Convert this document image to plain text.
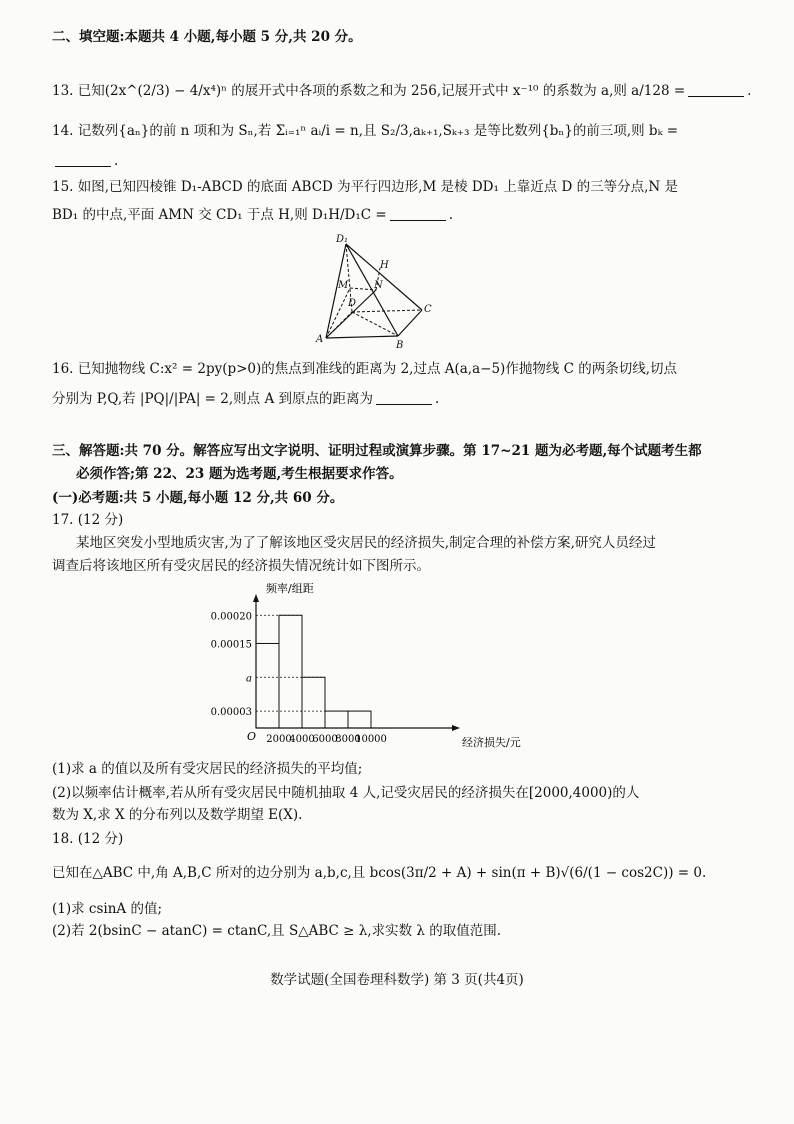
二、填空题:本题共 4 小题,每小题 5 分,共 20 分。
13. 已知(2x^(2/3) − 4/x⁴)ⁿ 的展开式中各项的系数之和为 256,记展开式中 x⁻¹⁰ 的系数为 a,则 a/128 =	.
14. 记数列{aₙ}的前 n 项和为 Sₙ,若 Σᵢ₌₁ⁿ aᵢ/i = n,且 S₂/3,aₖ₊₁,Sₖ₊₃ 是等比数列{bₙ}的前三项,则 bₖ =
.
15. 如图,已知四棱锥 D₁-ABCD 的底面 ABCD 为平行四边形,M 是棱 DD₁ 上靠近点 D 的三等分点,N 是
BD₁ 的中点,平面 AMN 交 CD₁ 于点 H,则 D₁H/D₁C =	.
D₁
H
M	N
D
C
A
B
16. 已知抛物线 C:x² = 2py(p>0)的焦点到准线的距离为 2,过点 A(a,a−5)作抛物线 C 的两条切线,切点
分别为 P,Q,若 |PQ|/|PA| = 2,则点 A 到原点的距离为	.
三、解答题:共 70 分。解答应写出文字说明、证明过程或演算步骤。第 17~21 题为必考题,每个试题考生都
必须作答;第 22、23 题为选考题,考生根据要求作答。
(一)必考题:共 5 小题,每小题 12 分,共 60 分。
17. (12 分)
某地区突发小型地质灾害,为了了解该地区受灾居民的经济损失,制定合理的补偿方案,研究人员经过
调查后将该地区所有受灾居民的经济损失情况统计如下图所示。
频率/组距
经济损失/元
O
0.00020
0.00015
a
0.00003
2000
4000
6000
8000
10000
(1)求 a 的值以及所有受灾居民的经济损失的平均值;
(2)以频率估计概率,若从所有受灾居民中随机抽取 4 人,记受灾居民的经济损失在[2000,4000)的人
数为 X,求 X 的分布列以及数学期望 E(X).
18. (12 分)
已知在△ABC 中,角 A,B,C 所对的边分别为 a,b,c,且 bcos(3π/2 + A) + sin(π + B)√(6/(1 − cos2C)) = 0.
(1)求 csinA 的值;
(2)若 2(bsinC − atanC) = ctanC,且 S△ABC ≥ λ,求实数 λ 的取值范围.
数学试题(全国卷理科数学) 第 3 页(共4页)
